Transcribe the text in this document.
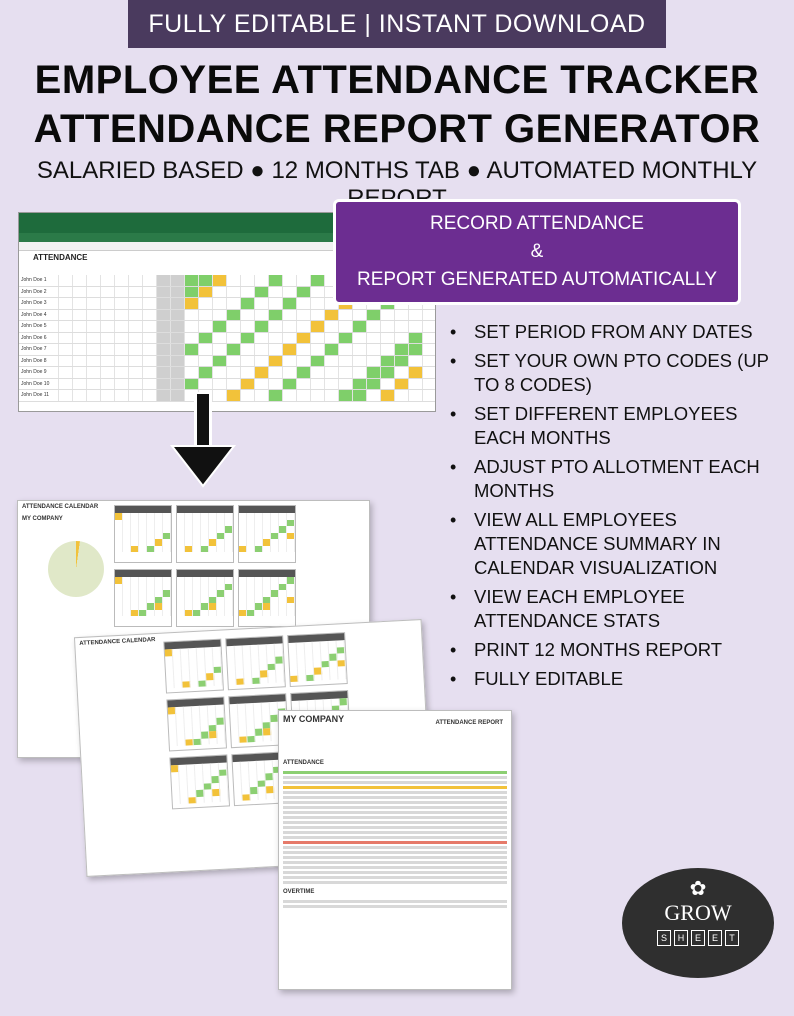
FULLY EDITABLE | INSTANT DOWNLOAD
EMPLOYEE ATTENDANCE TRACKER
ATTENDANCE REPORT GENERATOR
SALARIED BASED ● 12 MONTHS TAB ● AUTOMATED MONTHLY
ATTENDANCE
John Doe 1
John Doe 2
John Doe 3
John Doe 4
John Doe 5
John Doe 6
John Doe 7
John Doe 8
John Doe 9
John Doe 10
John Doe 11
RECORD ATTENDANCE
&
REPORT GENERATED AUTOMATICALLY
• SET PERIOD FROM ANY DATES
• SET YOUR OWN PTO CODES (UP TO 8 CODES)
• SET DIFFERENT EMPLOYEES EACH MONTHS
• ADJUST PTO ALLOTMENT EACH MONTHS
• VIEW ALL EMPLOYEES ATTENDANCE SUMMARY IN CALENDAR VISUALIZATION
• VIEW EACH EMPLOYEE ATTENDANCE STATS
• PRINT 12 MONTHS REPORT
• FULLY EDITABLE
ATTENDANCE CALENDAR
MY COMPANY
ATTENDANCE CALENDAR
MY COMPANY	ATTENDANCE REPORT
ATTENDANCE
OVERTIME	✿
GROW
S	H	E	E	T
